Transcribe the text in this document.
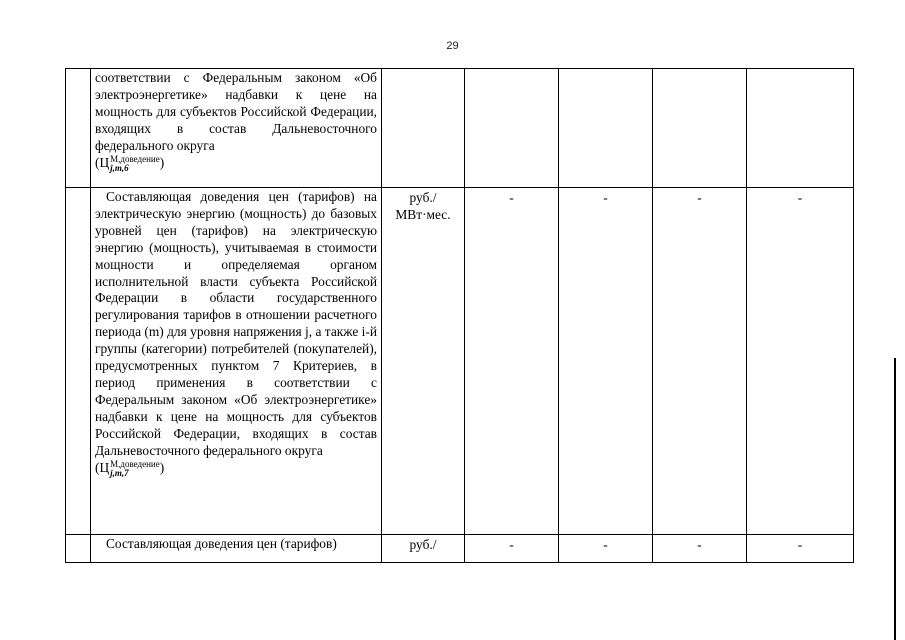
29

	соответствии с Федеральным законом «Об электроэнергетике» надбавки к цене на мощность для субъектов Российской Федерации, входящих в состав Дальневосточного федерального округа
(Ц М,доведение
j,m,6 )					

	Составляющая доведения цен (тарифов) на электрическую энергию (мощность) до базовых уровней цен (тарифов) на электрическую энергию (мощность), учитываемая в стоимости мощности и определяемая органом исполнительной власти субъекта Российской Федерации в области государственного регулирования тарифов в отношении расчетного периода (m) для уровня напряжения j, а также i-й группы (категории) потребителей (покупателей), предусмотренных пунктом 7 Критериев, в период применения в соответствии с Федеральным законом «Об электроэнергетике» надбавки к цене на мощность для субъектов Российской Федерации, входящих в состав Дальневосточного федерального округа
(Ц М,доведение
j,m,7 )	руб./
МВт·мес.	-	-	-	-

	Составляющая доведения цен (тарифов)	руб./	-	-	-	-
